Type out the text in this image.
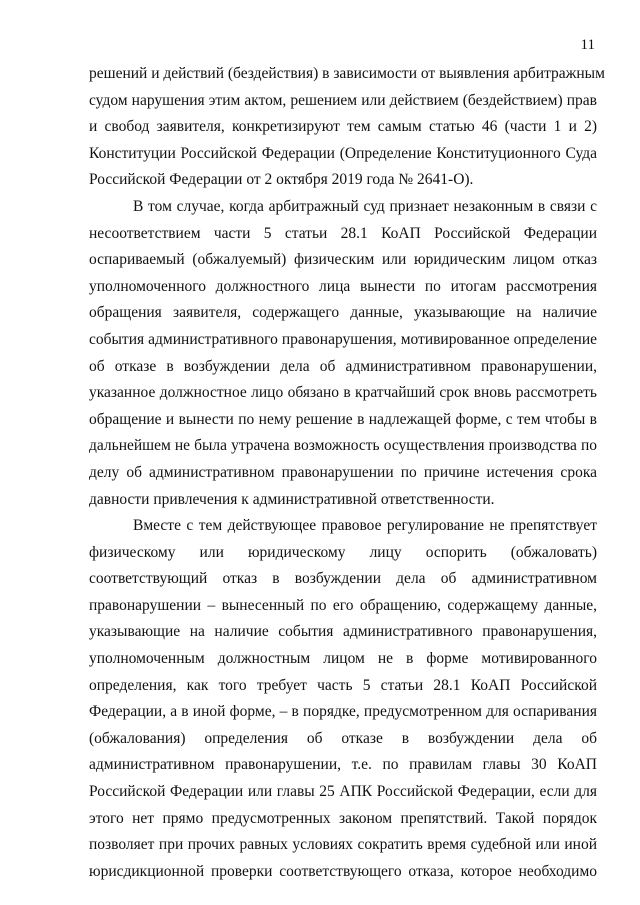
11
решений и действий (бездействия) в зависимости от выявления арбитражным
судом нарушения этим актом, решением или действием (бездействием) прав
и свобод заявителя, конкретизируют тем самым статью 46 (части 1 и 2)
Конституции Российской Федерации (Определение Конституционного Суда
Российской Федерации от 2 октября 2019 года № 2641-О).
В том случае, когда арбитражный суд признает незаконным в связи с
несоответствием части 5 статьи 28.1 КоАП Российской Федерации
оспариваемый (обжалуемый) физическим или юридическим лицом отказ
уполномоченного должностного лица вынести по итогам рассмотрения
обращения заявителя, содержащего данные, указывающие на наличие
события административного правонарушения, мотивированное определение
об отказе в возбуждении дела об административном правонарушении,
указанное должностное лицо обязано в кратчайший срок вновь рассмотреть
обращение и вынести по нему решение в надлежащей форме, с тем чтобы в
дальнейшем не была утрачена возможность осуществления производства по
делу об административном правонарушении по причине истечения срока
давности привлечения к административной ответственности.
Вместе с тем действующее правовое регулирование не препятствует
физическому или юридическому лицу оспорить (обжаловать)
соответствующий отказ в возбуждении дела об административном
правонарушении – вынесенный по его обращению, содержащему данные,
указывающие на наличие события административного правонарушения,
уполномоченным должностным лицом не в форме мотивированного
определения, как того требует часть 5 статьи 28.1 КоАП Российской
Федерации, а в иной форме, – в порядке, предусмотренном для оспаривания
(обжалования) определения об отказе в возбуждении дела об
административном правонарушении, т.е. по правилам главы 30 КоАП
Российской Федерации или главы 25 АПК Российской Федерации, если для
этого нет прямо предусмотренных законом препятствий. Такой порядок
позволяет при прочих равных условиях сократить время судебной или иной
юрисдикционной проверки соответствующего отказа, которое необходимо
